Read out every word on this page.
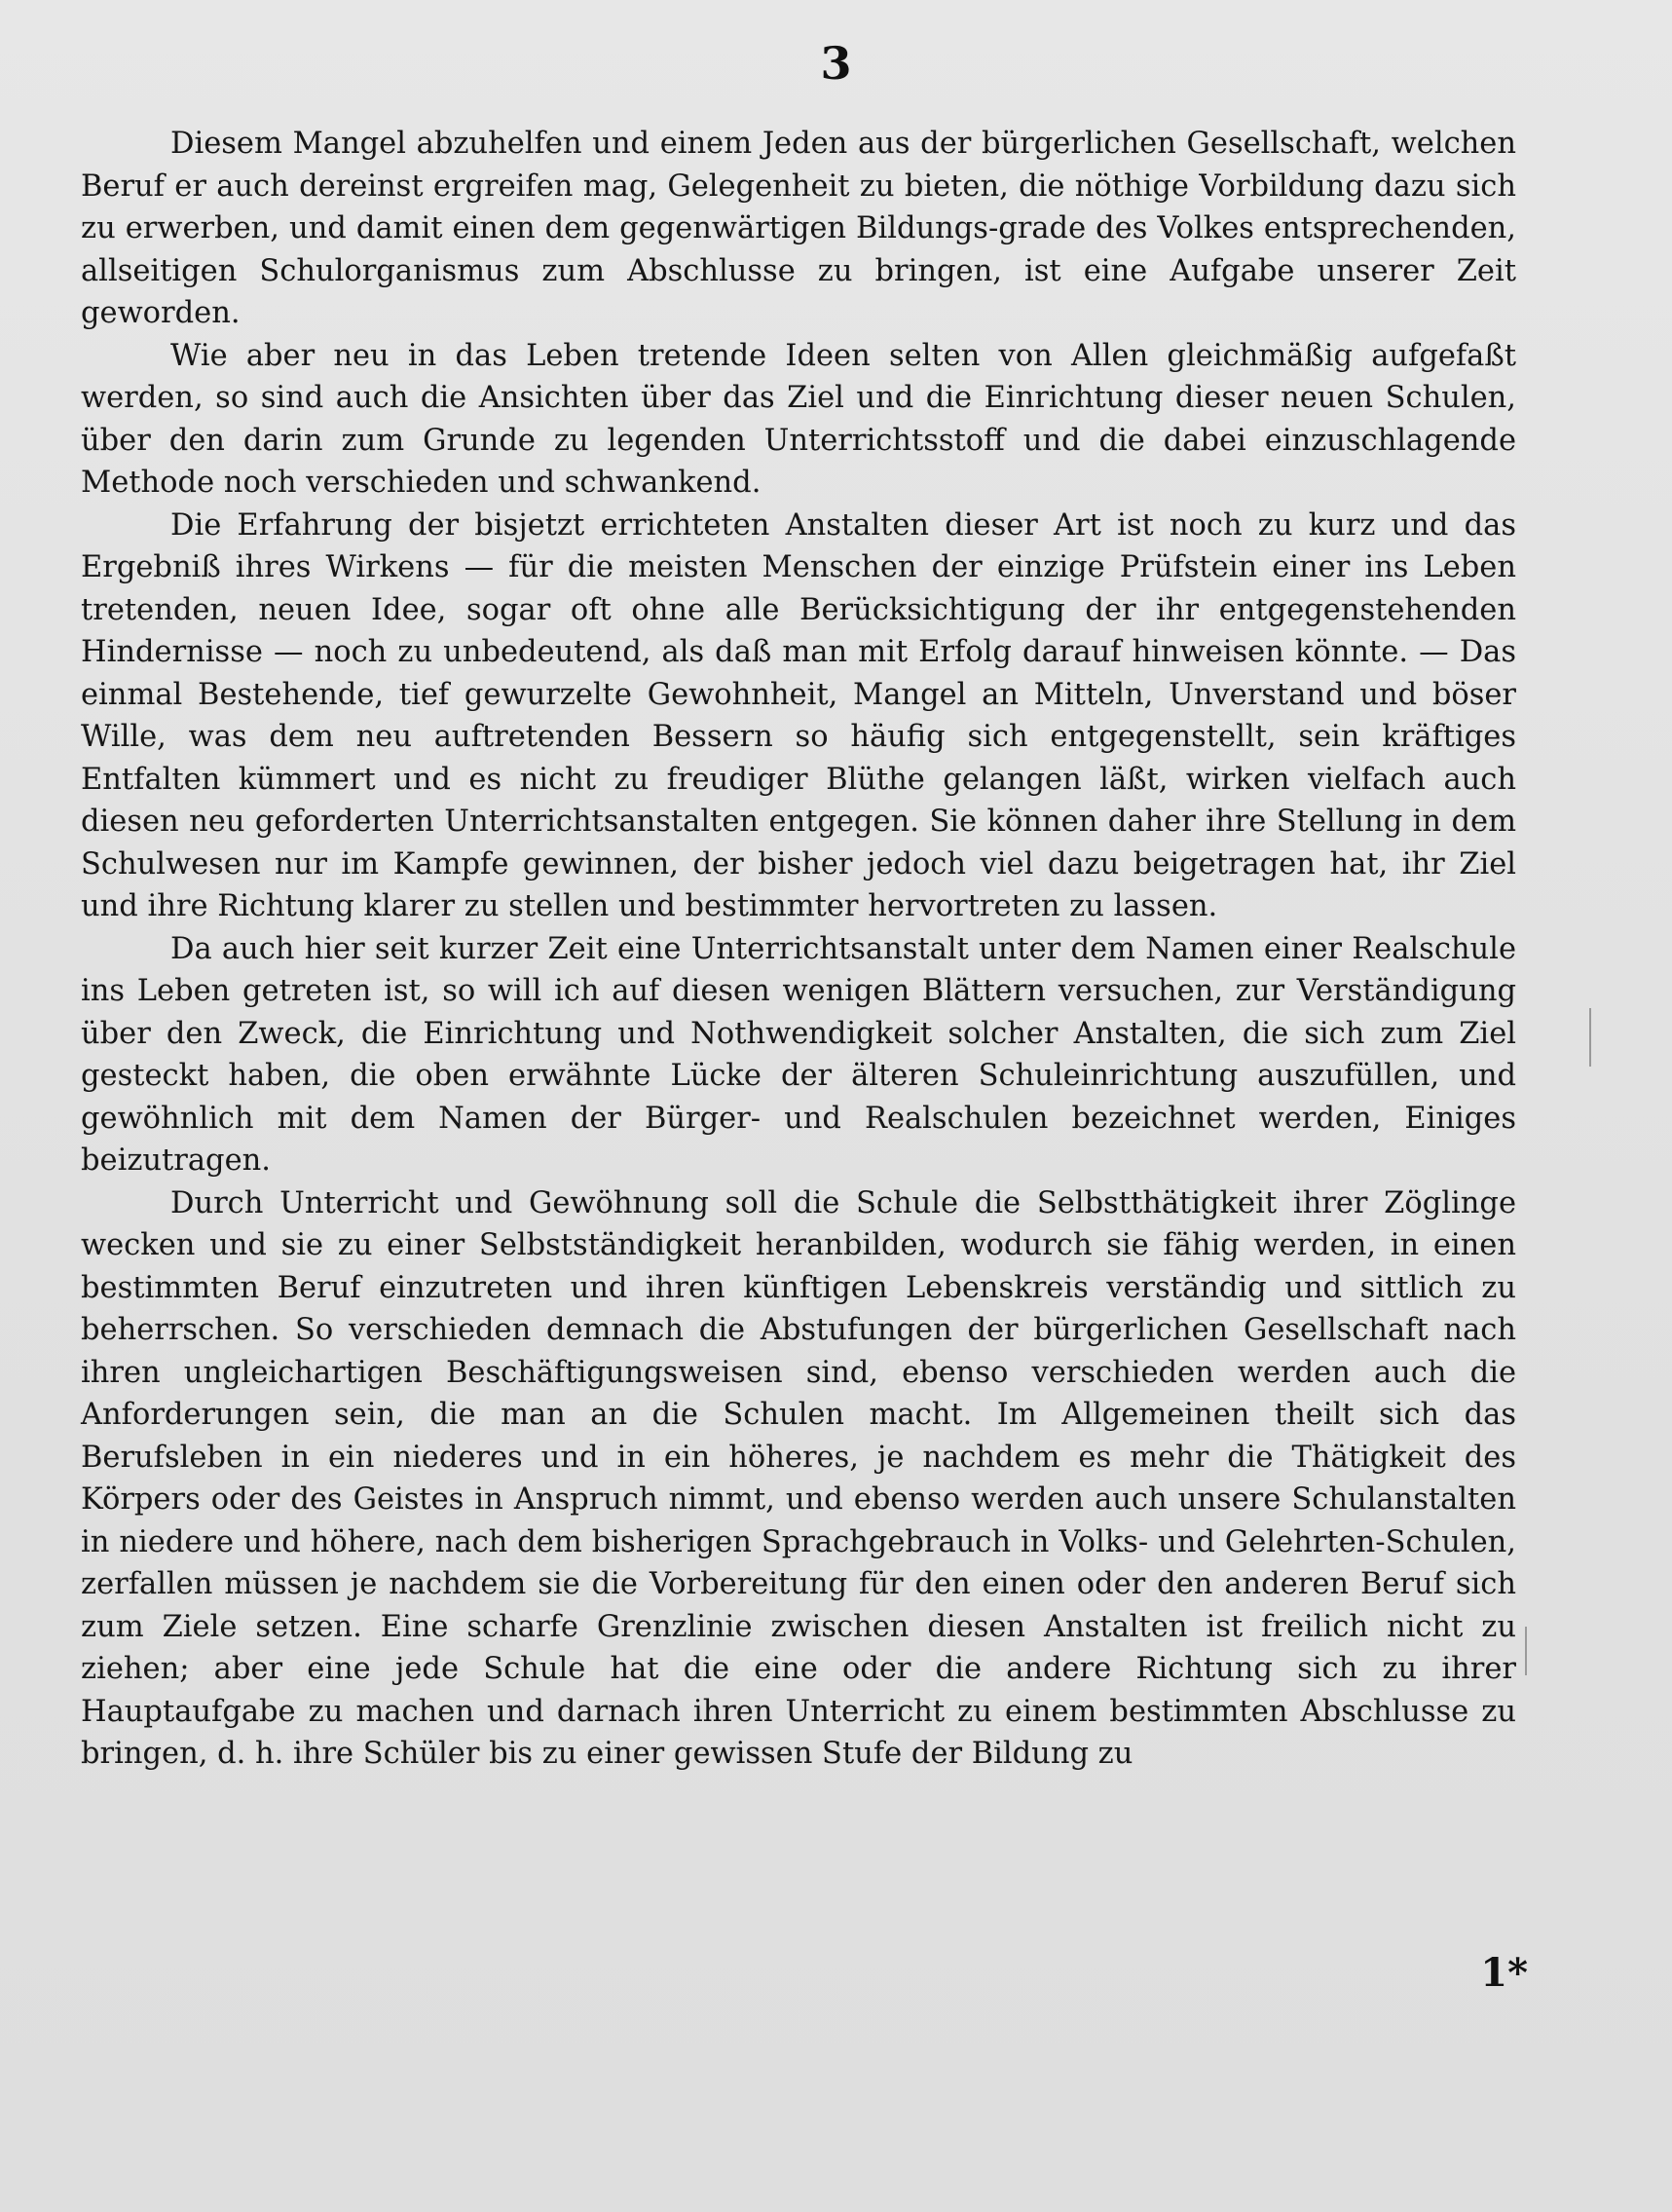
3

Diesem Mangel abzuhelfen und einem Jeden aus der bürgerlichen Gesellschaft, welchen Beruf er auch dereinst ergreifen mag, Gelegenheit zu bieten, die nöthige Vorbildung dazu sich zu erwerben, und damit einen dem gegenwärtigen Bildungs-grade des Volkes entsprechenden, allseitigen Schulorganismus zum Abschlusse zu bringen, ist eine Aufgabe unserer Zeit geworden.

Wie aber neu in das Leben tretende Ideen selten von Allen gleichmäßig aufgefaßt werden, so sind auch die Ansichten über das Ziel und die Einrichtung dieser neuen Schulen, über den darin zum Grunde zu legenden Unterrichtsstoff und die dabei einzuschlagende Methode noch verschieden und schwankend.

Die Erfahrung der bisjetzt errichteten Anstalten dieser Art ist noch zu kurz und das Ergebniß ihres Wirkens — für die meisten Menschen der einzige Prüfstein einer ins Leben tretenden, neuen Idee, sogar oft ohne alle Berücksichtigung der ihr entgegenstehenden Hindernisse — noch zu unbedeutend, als daß man mit Erfolg darauf hinweisen könnte. — Das einmal Bestehende, tief gewurzelte Gewohnheit, Mangel an Mitteln, Unverstand und böser Wille, was dem neu auftretenden Bessern so häufig sich entgegenstellt, sein kräftiges Entfalten kümmert und es nicht zu freudiger Blüthe gelangen läßt, wirken vielfach auch diesen neu geforderten Unterrichtsanstalten entgegen. Sie können daher ihre Stellung in dem Schulwesen nur im Kampfe gewinnen, der bisher jedoch viel dazu beigetragen hat, ihr Ziel und ihre Richtung klarer zu stellen und bestimmter hervortreten zu lassen.

Da auch hier seit kurzer Zeit eine Unterrichtsanstalt unter dem Namen einer Realschule ins Leben getreten ist, so will ich auf diesen wenigen Blättern versuchen, zur Verständigung über den Zweck, die Einrichtung und Nothwendigkeit solcher Anstalten, die sich zum Ziel gesteckt haben, die oben erwähnte Lücke der älteren Schuleinrichtung auszufüllen, und gewöhnlich mit dem Namen der Bürger- und Realschulen bezeichnet werden, Einiges beizutragen.

Durch Unterricht und Gewöhnung soll die Schule die Selbstthätigkeit ihrer Zöglinge wecken und sie zu einer Selbstständigkeit heranbilden, wodurch sie fähig werden, in einen bestimmten Beruf einzutreten und ihren künftigen Lebenskreis verständig und sittlich zu beherrschen. So verschieden demnach die Abstufungen der bürgerlichen Gesellschaft nach ihren ungleichartigen Beschäftigungsweisen sind, ebenso verschieden werden auch die Anforderungen sein, die man an die Schulen macht. Im Allgemeinen theilt sich das Berufsleben in ein niederes und in ein höheres, je nachdem es mehr die Thätigkeit des Körpers oder des Geistes in Anspruch nimmt, und ebenso werden auch unsere Schulanstalten in niedere und höhere, nach dem bisherigen Sprachgebrauch in Volks- und Gelehrten-Schulen, zerfallen müssen je nachdem sie die Vorbereitung für den einen oder den anderen Beruf sich zum Ziele setzen. Eine scharfe Grenzlinie zwischen diesen Anstalten ist freilich nicht zu ziehen; aber eine jede Schule hat die eine oder die andere Richtung sich zu ihrer Hauptaufgabe zu machen und darnach ihren Unterricht zu einem bestimmten Abschlusse zu bringen, d. h. ihre Schüler bis zu einer gewissen Stufe der Bildung zu

1*
